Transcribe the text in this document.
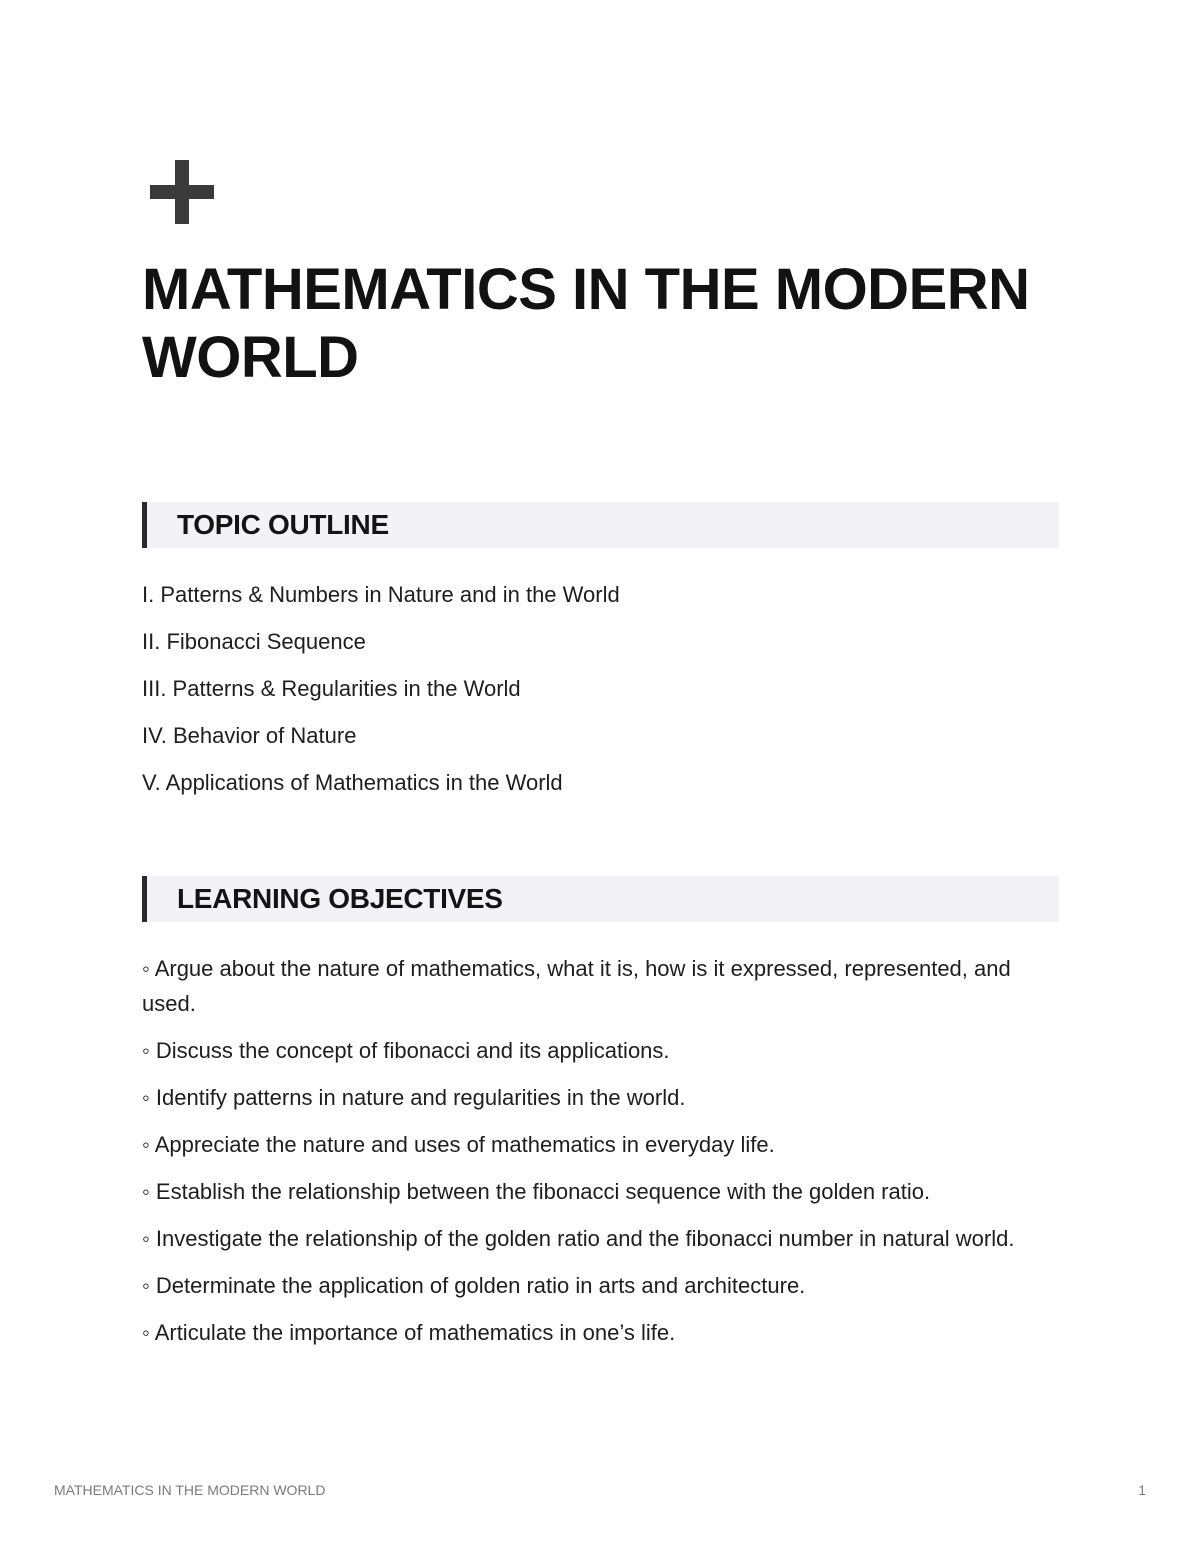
MATHEMATICS IN THE MODERN WORLD
TOPIC OUTLINE
I. Patterns & Numbers in Nature and in the World
II. Fibonacci Sequence
III. Patterns & Regularities in the World
IV. Behavior of Nature
V. Applications of Mathematics in the World
LEARNING OBJECTIVES
◦ Argue about the nature of mathematics, what it is, how is it expressed, represented, and used.
◦ Discuss the concept of fibonacci and its applications.
◦ Identify patterns in nature and regularities in the world.
◦ Appreciate the nature and uses of mathematics in everyday life.
◦ Establish the relationship between the fibonacci sequence with the golden ratio.
◦ Investigate the relationship of the golden ratio and the fibonacci number in natural world.
◦ Determinate the application of golden ratio in arts and architecture.
◦ Articulate the importance of mathematics in one’s life.
MATHEMATICS IN THE MODERN WORLD	1
